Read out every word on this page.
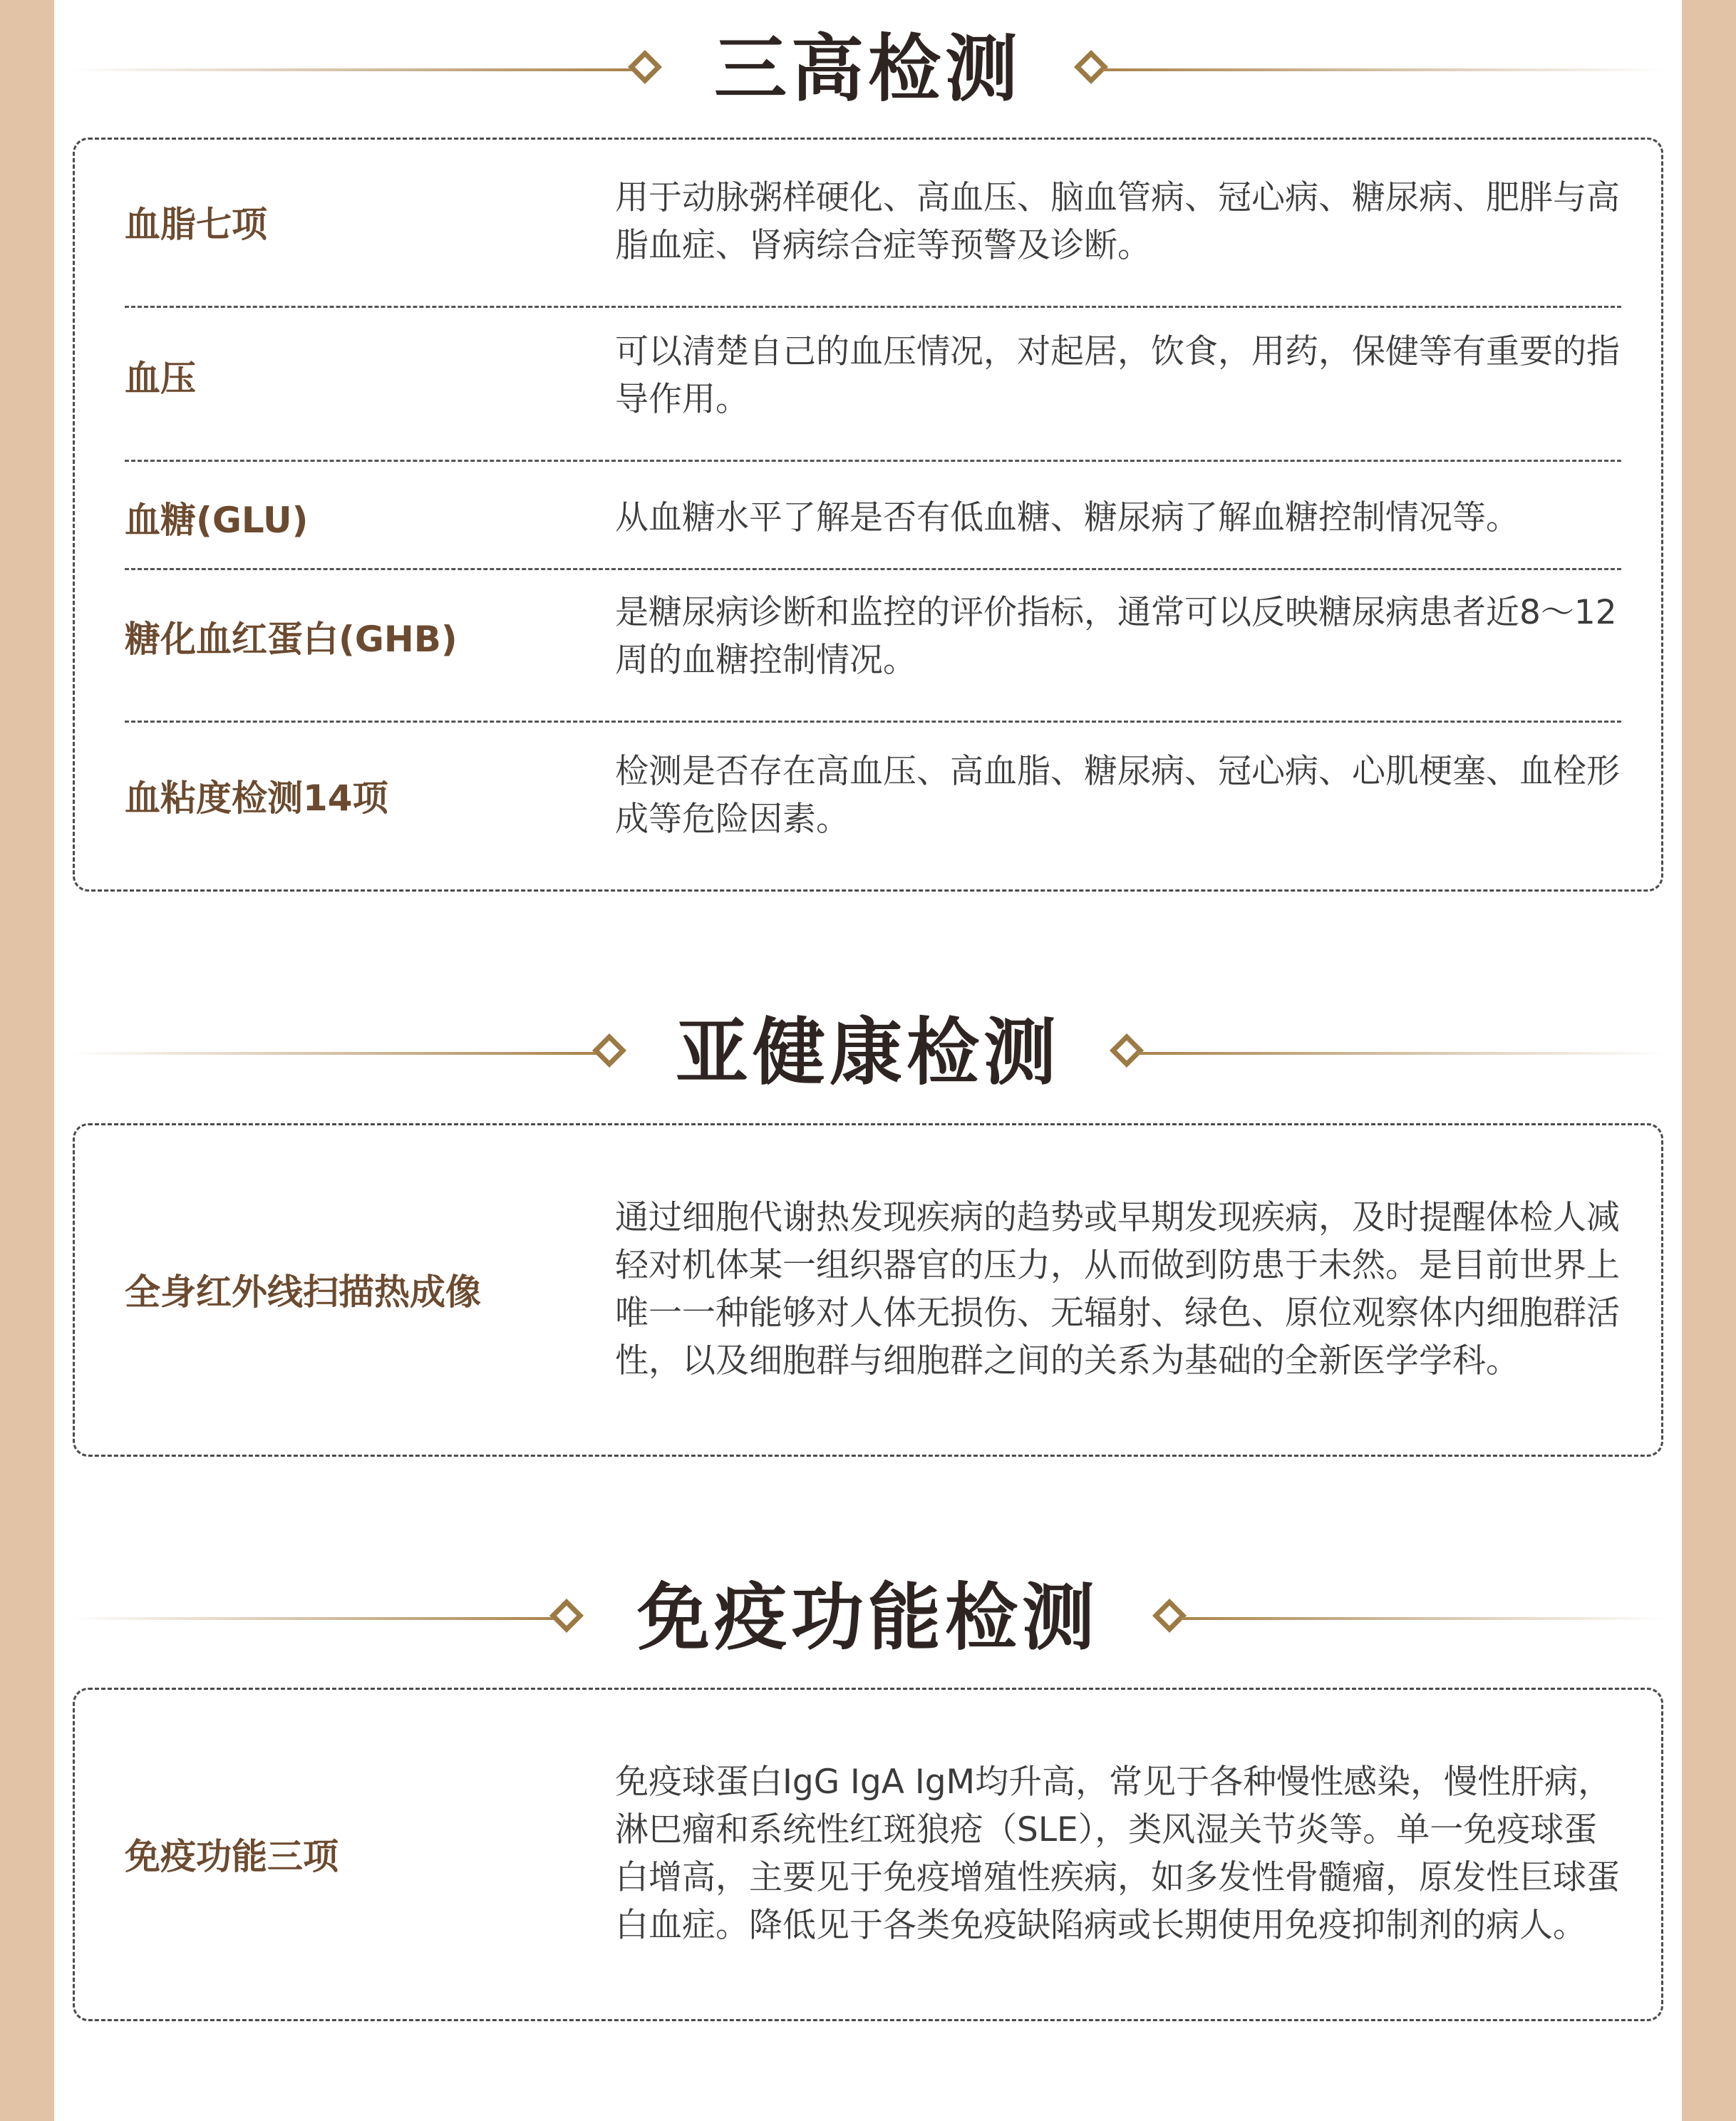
三高检测
血脂七项
用于动脉粥样硬化、高血压、脑血管病、冠心病、糖尿病、肥胖与高脂血症、肾病综合症等预警及诊断。
血压
可以清楚自己的血压情况，对起居，饮食，用药，保健等有重要的指导作用。
血糖(GLU)	从血糖水平了解是否有低血糖、糖尿病了解血糖控制情况等。
糖化血红蛋白(GHB)
是糖尿病诊断和监控的评价指标，通常可以反映糖尿病患者近8～12周的血糖控制情况。
血粘度检测14项
检测是否存在高血压、高血脂、糖尿病、冠心病、心肌梗塞、血栓形成等危险因素。
亚健康检测
全身红外线扫描热成像
通过细胞代谢热发现疾病的趋势或早期发现疾病，及时提醒体检人减轻对机体某一组织器官的压力，从而做到防患于未然。是目前世界上唯一一种能够对人体无损伤、无辐射、绿色、原位观察体内细胞群活性，以及细胞群与细胞群之间的关系为基础的全新医学学科。
免疫功能检测
免疫功能三项
免疫球蛋白IgG IgA IgM均升高，常见于各种慢性感染，慢性肝病，淋巴瘤和系统性红斑狼疮（SLE），类风湿关节炎等。单一免疫球蛋白增高，主要见于免疫增殖性疾病，如多发性骨髓瘤，原发性巨球蛋白血症。降低见于各类免疫缺陷病或长期使用免疫抑制剂的病人。
